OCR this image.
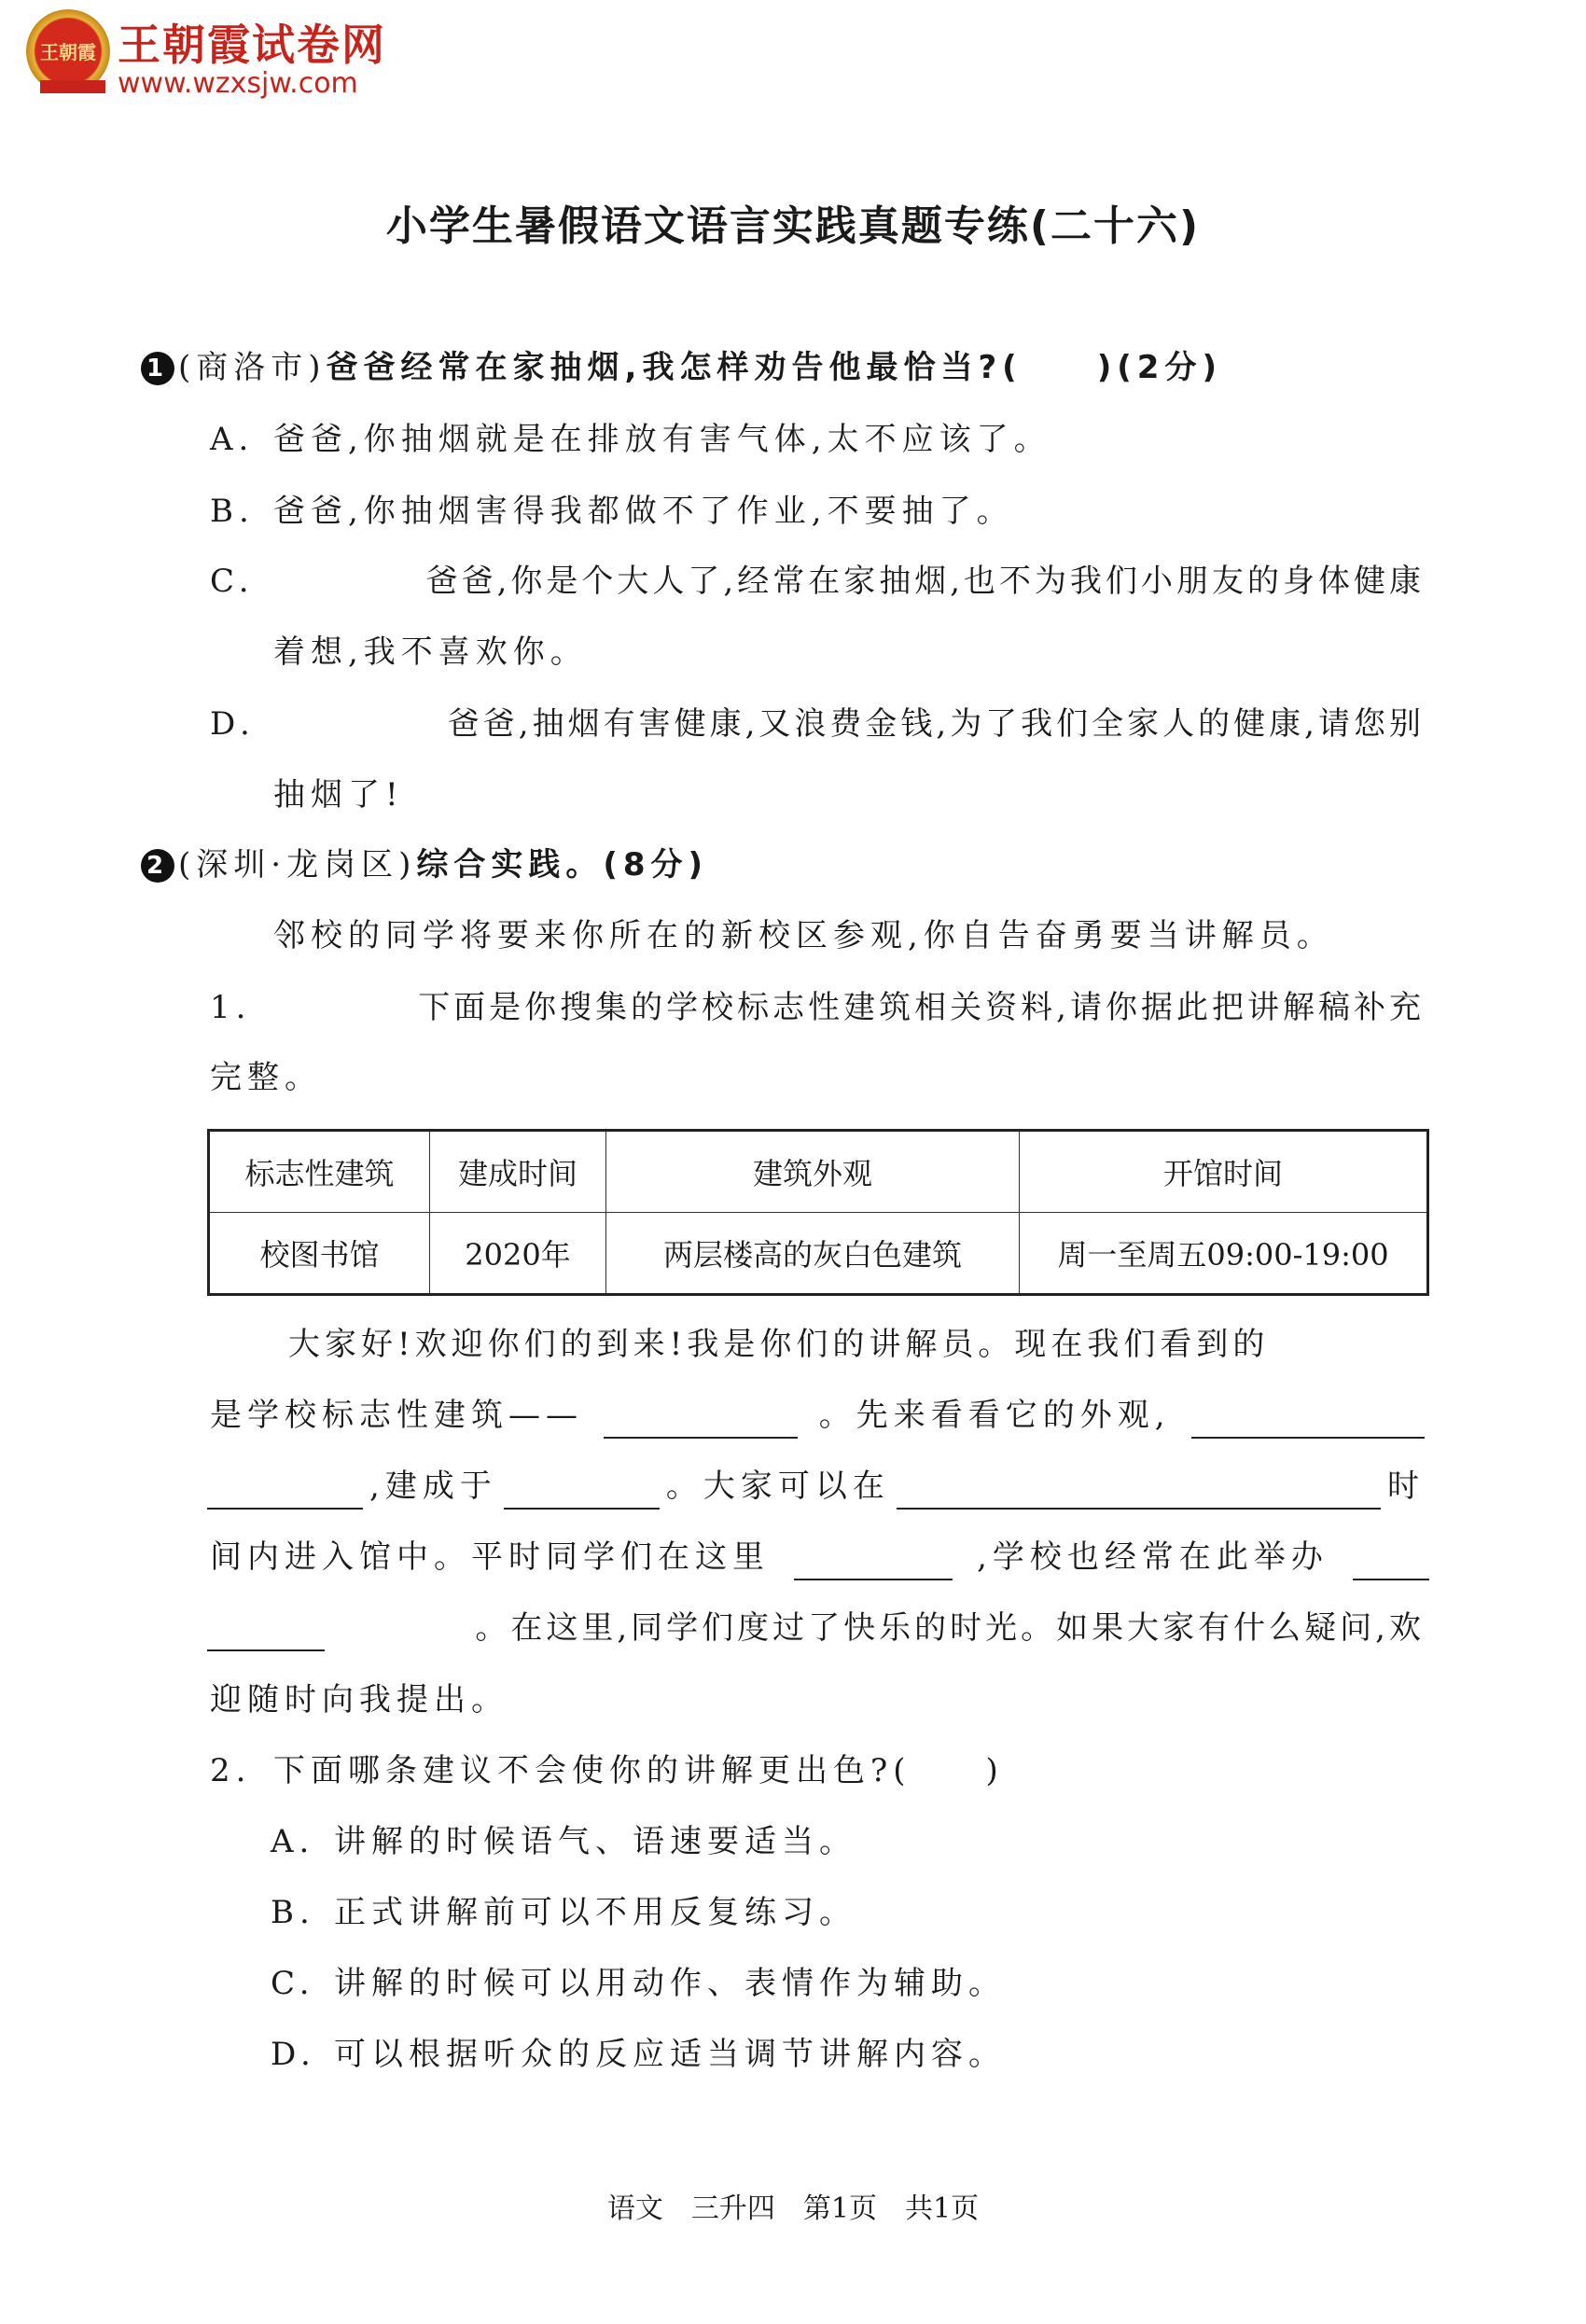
王朝霞 王朝霞试卷网
www.wzxsjw.com
小学生暑假语文语言实践真题专练(二十六)
1 (商洛市) 爸爸经常在家抽烟,我怎样劝告他最恰当?(　　)(2分)
A. 爸爸,你抽烟就是在排放有害气体,太不应该了。
B. 爸爸,你抽烟害得我都做不了作业,不要抽了。
C.	爸爸,你是个大人了,经常在家抽烟,也不为我们小朋友的身体健康
着想,我不喜欢你。
D.	爸爸,抽烟有害健康,又浪费金钱,为了我们全家人的健康,请您别
抽烟了!
2 (深圳·龙岗区) 综合实践。(8分)
邻校的同学将要来你所在的新校区参观,你自告奋勇要当讲解员。
1.	下面是你搜集的学校标志性建筑相关资料,请你据此把讲解稿补充
完整。
标志性建筑	建成时间	建筑外观	开馆时间
校图书馆	2020年	两层楼高的灰白色建筑	周一至周五09:00-19:00
大家好!欢迎你们的到来!我是你们的讲解员。现在我们看到的
是学校标志性建筑——	。先来看看它的外观,
,建成于	。大家可以在	时
间内进入馆中。平时同学们在这里	,学校也经常在此举办
。在这里,同学们度过了快乐的时光。如果大家有什么疑问,欢
迎随时向我提出。
2. 下面哪条建议不会使你的讲解更出色?(　　)
A. 讲解的时候语气、语速要适当。
B. 正式讲解前可以不用反复练习。
C. 讲解的时候可以用动作、表情作为辅助。
D. 可以根据听众的反应适当调节讲解内容。
语文　三升四　第1页　共1页
